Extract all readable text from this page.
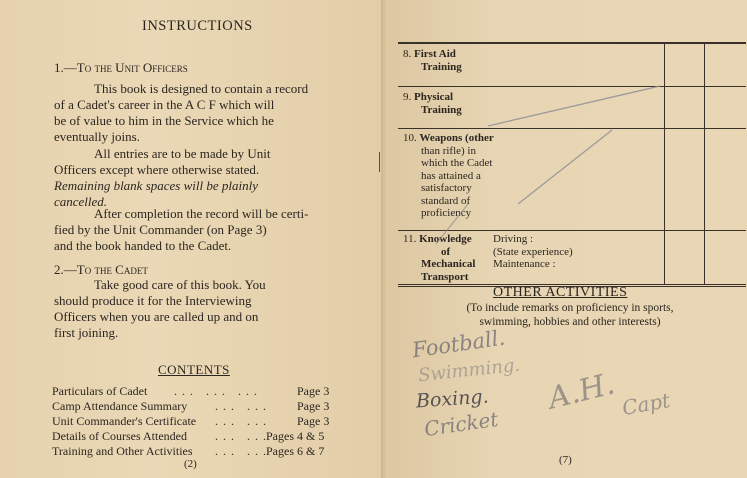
INSTRUCTIONS
1.—To the Unit Officers
This book is designed to contain a record
of a Cadet's career in the A C F which will
be of value to him in the Service which he
eventually joins.
All entries are to be made by Unit
Officers except where otherwise stated.
Remaining blank spaces will be plainly
cancelled.
After completion the record will be certi-
fied by the Unit Commander (on Page 3)
and the book handed to the Cadet.
2.—To the Cadet
Take good care of this book. You
should produce it for the Interviewing
Officers when you are called up and on
first joining.
CONTENTS
Particulars of Cadet ... ... ...	Page 3
Camp Attendance Summary ... ... Page 3
Unit Commander's Certificate ... ... Page 3
Details of Courses Attended ... ...
Pages 4 & 5
Training and Other Activities ... ...
Pages 6 & 7
(2)
8. First Aid
Training
9. Physical
Training
10. Weapons (other
than rifle) in
which the Cadet
has attained a
satisfactory
standard of
proficiency
11. Knowledge
of
Mechanical
Transport
Driving :
(State experience)
Maintenance :
OTHER ACTIVITIES
(To include remarks on proficiency in sports,
swimming, hobbies and other interests)
Football.
Swimming.
Boxing.
Cricket
A.H. Capt
(7)
